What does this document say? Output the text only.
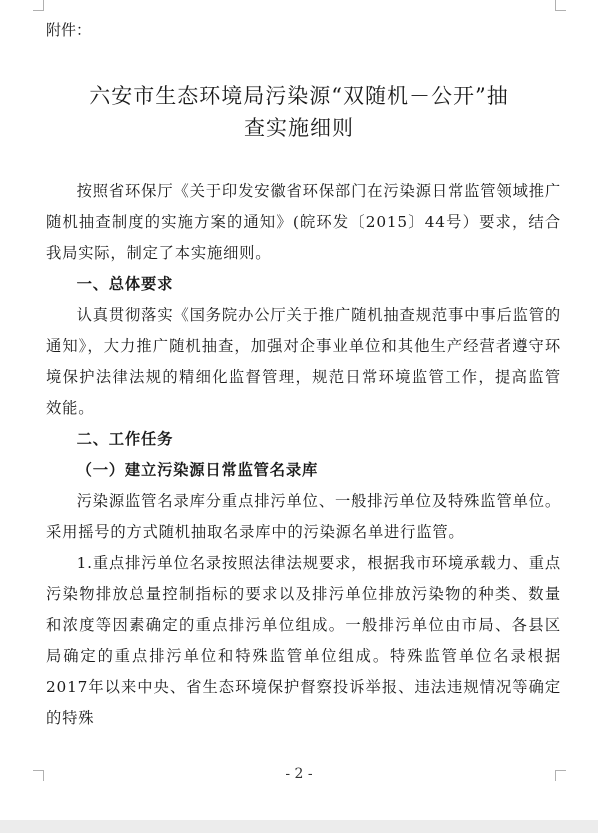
附件：
六安市生态环境局污染源“双随机－公开”抽
查实施细则

按照省环保厅《关于印发安徽省环保部门在污染源日常监管领域推广随机抽查制度的实施方案的通知》(皖环发〔2015〕44号）要求，结合我局实际，制定了本实施细则。

一、总体要求

认真贯彻落实《国务院办公厅关于推广随机抽查规范事中事后监管的通知》，大力推广随机抽查，加强对企事业单位和其他生产经营者遵守环境保护法律法规的精细化监督管理，规范日常环境监管工作，提高监管效能。

二、工作任务

（一）建立污染源日常监管名录库

污染源监管名录库分重点排污单位、一般排污单位及特殊监管单位。采用摇号的方式随机抽取名录库中的污染源名单进行监管。

1.重点排污单位名录按照法律法规要求，根据我市环境承载力、重点污染物排放总量控制指标的要求以及排污单位排放污染物的种类、数量和浓度等因素确定的重点排污单位组成。一般排污单位由市局、各县区局确定的重点排污单位和特殊监管单位组成。特殊监管单位名录根据2017年以来中央、省生态环境保护督察投诉举报、违法违规情况等确定的特殊

- 2 -
